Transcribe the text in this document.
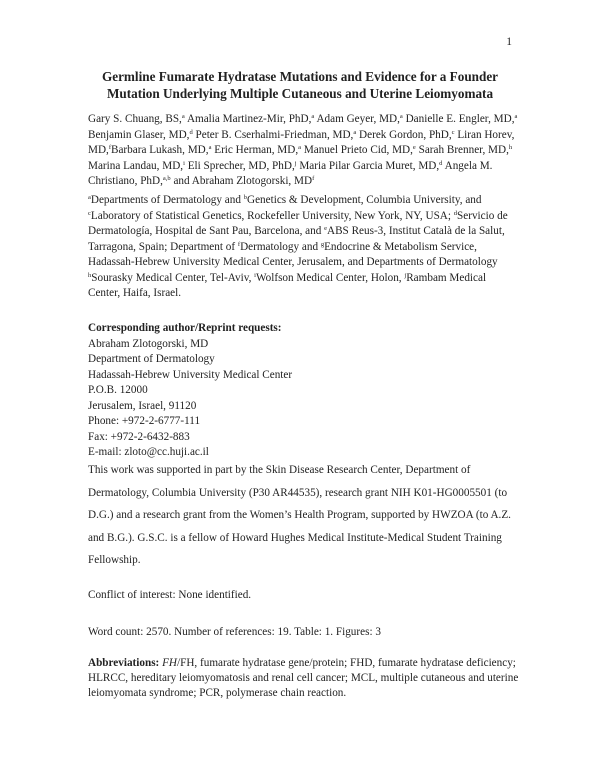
1
Germline Fumarate Hydratase Mutations and Evidence for a Founder Mutation Underlying Multiple Cutaneous and Uterine Leiomyomata
Gary S. Chuang, BS,$^a$ Amalia Martinez-Mir, PhD,$^a$ Adam Geyer, MD,$^a$ Danielle E. Engler, MD,$^a$ Benjamin Glaser, MD,$^d$ Peter B. Cserhalmi-Friedman, MD,$^a$ Derek Gordon, PhD,$^c$ Liran Horev, MD,$^f$Barbara Lukash, MD,$^a$ Eric Herman, MD,$^a$ Manuel Prieto Cid, MD,$^e$ Sarah Brenner, MD,$^h$ Marina Landau, MD,$^i$ Eli Sprecher, MD, PhD,$^j$ Maria Pilar Garcia Muret, MD,$^d$ Angela M. Christiano, PhD,$^{a,b}$ and Abraham Zlotogorski, $MD^f$
$^a$Departments of Dermatology and $^b$Genetics & Development, Columbia University, and $^c$Laboratory of Statistical Genetics, Rockefeller University, New York, NY, USA; $^d$Servicio de Dermatología, Hospital de Sant Pau, Barcelona, and $^e$ABS Reus-3, Institut Català de la Salut, Tarragona, Spain; Department of $^f$Dermatology and $^g$Endocrine & Metabolism Service, Hadassah-Hebrew University Medical Center, Jerusalem, and Departments of Dermatology $^h$Sourasky Medical Center, Tel-Aviv, $^i$Wolfson Medical Center, Holon, $^j$Rambam Medical Center, Haifa, Israel.
Corresponding author/Reprint requests:
Abraham Zlotogorski, MD
Department of Dermatology
Hadassah-Hebrew University Medical Center
P.O.B. 12000
Jerusalem, Israel, 91120
Phone: +972-2-6777-111
Fax: +972-2-6432-883
E-mail: zloto@cc.huji.ac.il
This work was supported in part by the Skin Disease Research Center, Department of Dermatology, Columbia University (P30 AR44535), research grant NIH K01-HG0005501 (to D.G.) and a research grant from the Women’s Health Program, supported by HWZOA (to A.Z. and B.G.). G.S.C. is a fellow of Howard Hughes Medical Institute-Medical Student Training Fellowship.
Conflict of interest: None identified.
Word count: 2570. Number of references: 19. Table: 1. Figures: 3
Abbreviations: FH/FH, fumarate hydratase gene/protein; FHD, fumarate hydratase deficiency; HLRCC, hereditary leiomyomatosis and renal cell cancer; MCL, multiple cutaneous and uterine leiomyomata syndrome; PCR, polymerase chain reaction.
